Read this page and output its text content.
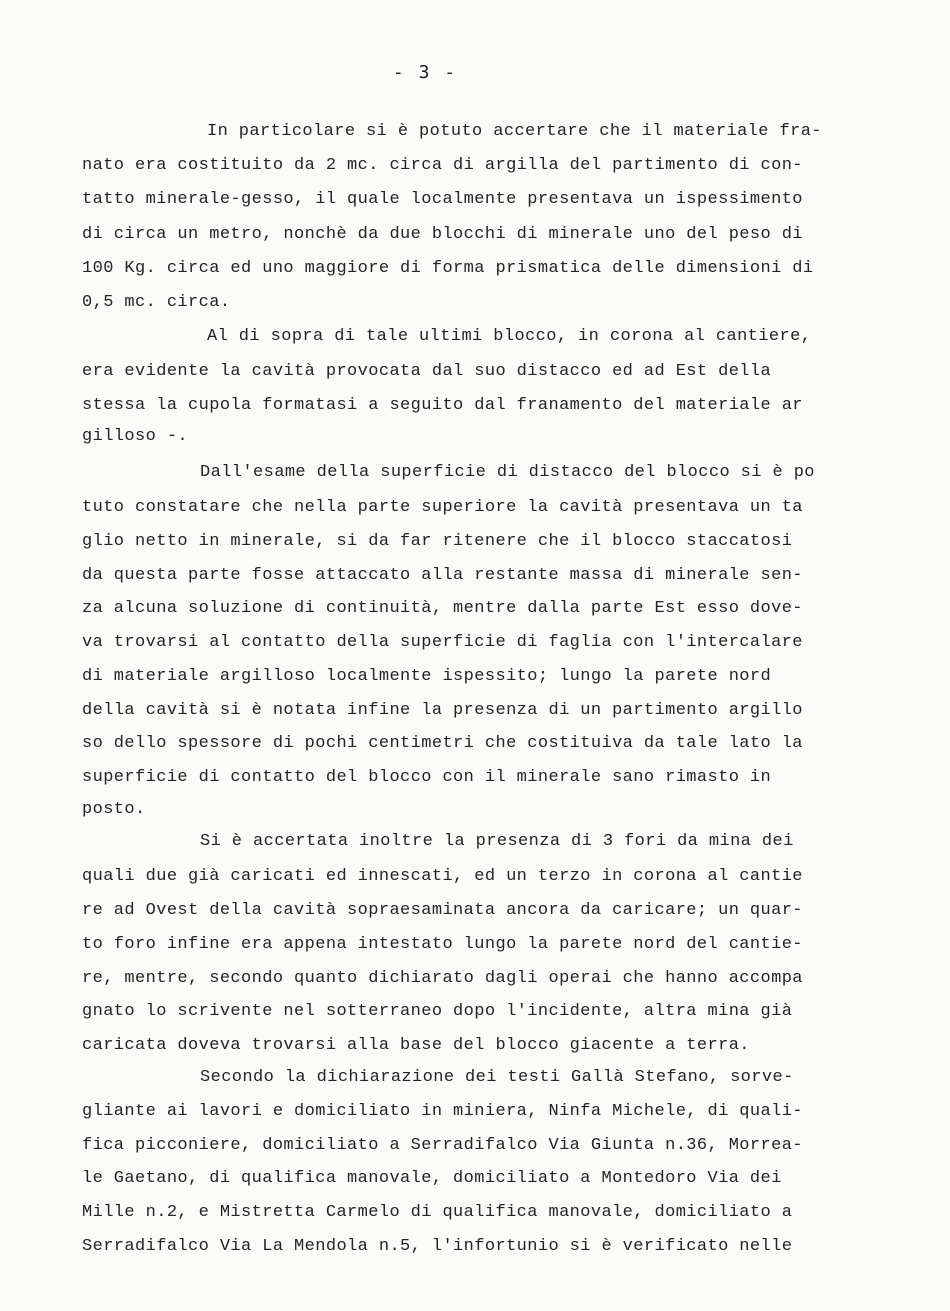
- 3 -
In particolare si è potuto accertare che il materiale fra-
nato era costituito da 2 mc. circa di argilla del partimento di con-
tatto minerale-gesso, il quale localmente presentava un ispessimento
di circa un metro, nonchè da due blocchi di minerale uno del peso di
100 Kg. circa ed uno maggiore di forma prismatica delle dimensioni di
0,5 mc. circa.
Al di sopra di tale ultimi blocco, in corona al cantiere,
era evidente la cavità provocata dal suo distacco ed ad Est della
stessa la cupola formatasi a seguito dal franamento del materiale ar
gilloso -.
Dall'esame della superficie di distacco del blocco si è po
tuto constatare che nella parte superiore la cavità presentava un ta
glio netto in minerale, si da far ritenere che il blocco staccatosi
da questa parte fosse attaccato alla restante massa di minerale sen-
za alcuna soluzione di continuità, mentre dalla parte Est esso dove-
va trovarsi al contatto della superficie di faglia con l'intercalare
di materiale argilloso localmente ispessito; lungo la parete nord
della cavità si è notata infine la presenza di un partimento argillo
so dello spessore di pochi centimetri che costituiva da tale lato la
superficie di contatto del blocco con il minerale sano rimasto in
posto.
Si è accertata inoltre la presenza di 3 fori da mina dei
quali due già caricati ed innescati, ed un terzo in corona al cantie
re ad Ovest della cavità sopraesaminata ancora da caricare; un quar-
to foro infine era appena intestato lungo la parete nord del cantie-
re, mentre, secondo quanto dichiarato dagli operai che hanno accompa
gnato lo scrivente nel sotterraneo dopo l'incidente, altra mina già
caricata doveva trovarsi alla base del blocco giacente a terra.
Secondo la dichiarazione dei testi Gallà Stefano, sorve-
gliante ai lavori e domiciliato in miniera, Ninfa Michele, di quali-
fica picconiere, domiciliato a Serradifalco Via Giunta n.36, Morrea-
le Gaetano, di qualifica manovale, domiciliato a Montedoro Via dei
Mille n.2, e Mistretta Carmelo di qualifica manovale, domiciliato a
Serradifalco Via La Mendola n.5, l'infortunio si è verificato nelle
